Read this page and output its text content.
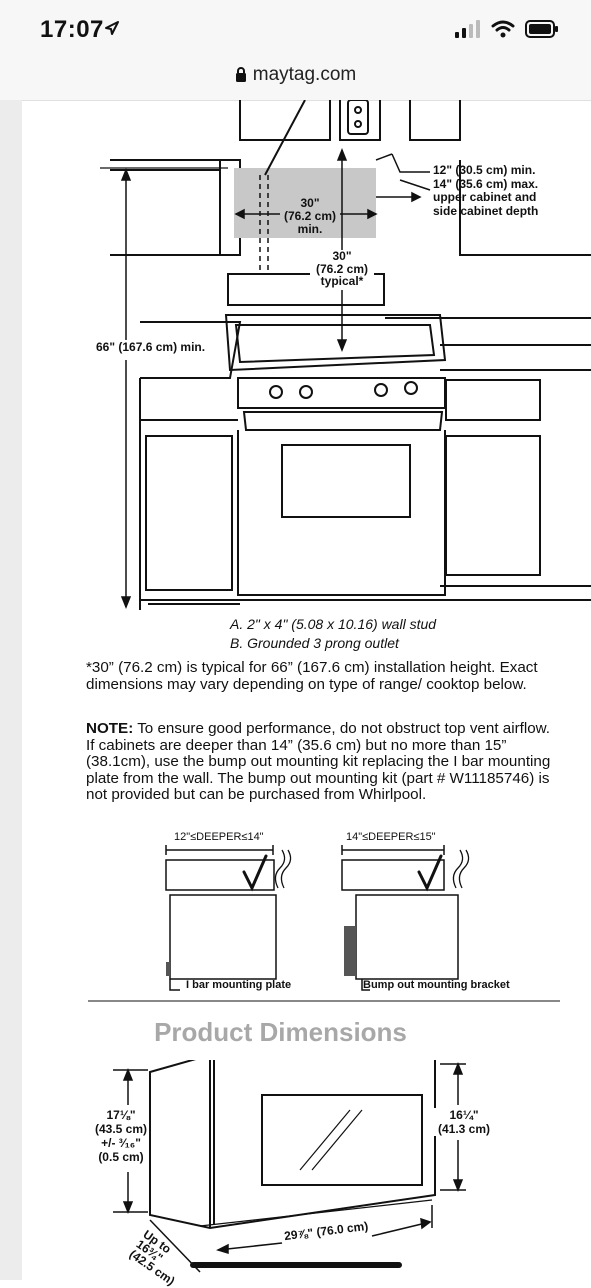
17:07
maytag.com
12" (30.5 cm) min.
14" (35.6 cm) max.
upper cabinet and
side cabinet depth
30"
(76.2 cm)
min.
30"
(76.2 cm)
typical*
66" (167.6 cm) min.
A. 2" x 4" (5.08 x 10.16) wall stud
B. Grounded 3 prong outlet
*30” (76.2 cm) is typical for 66” (167.6 cm) installation height. Exact dimensions may vary depending on type of range/ cooktop below.
NOTE: To ensure good performance, do not obstruct top vent airflow. If cabinets are deeper than 14” (35.6 cm) but no more than 15” (38.1cm), use the bump out mounting kit replacing the I bar mounting plate from the wall. The bump out mounting kit (part # W11185746) is not provided but can be purchased from Whirlpool.
12"≤DEEPER≤14"	14"≤DEEPER≤15"
I bar mounting plate	Bump out mounting bracket
Product Dimensions
17⅛"
(43.5 cm)
+/- ³⁄₁₆"
(0.5 cm)
16¼"
(41.3 cm)
29⅞" (76.0 cm)
Up to
16¾"
(42.5 cm)
